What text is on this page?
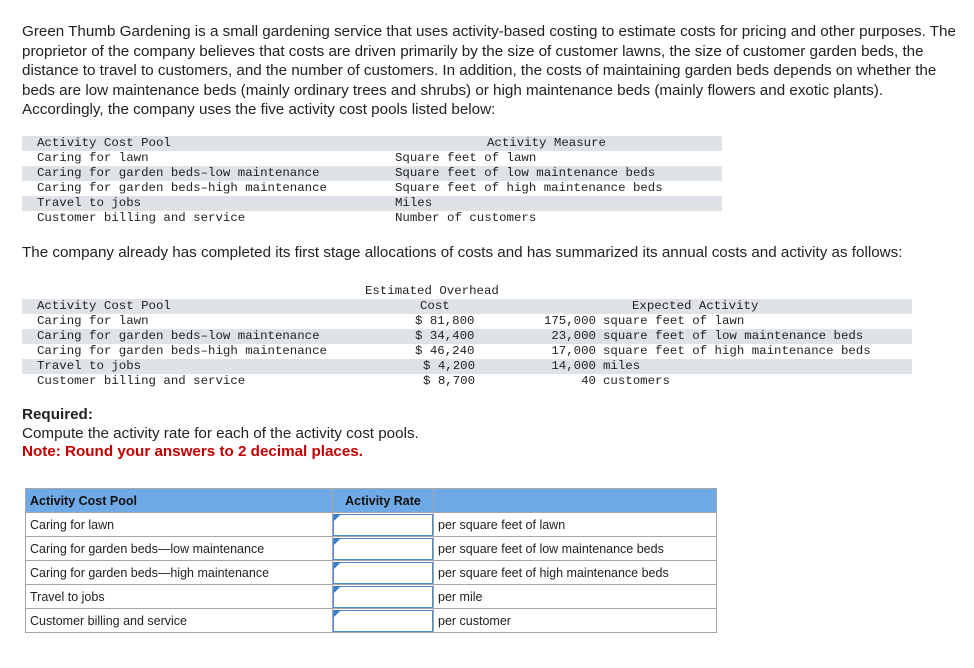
Green Thumb Gardening is a small gardening service that uses activity-based costing to estimate costs for pricing and other purposes. The proprietor of the company believes that costs are driven primarily by the size of customer lawns, the size of customer garden beds, the distance to travel to customers, and the number of customers. In addition, the costs of maintaining garden beds depends on whether the beds are low maintenance beds (mainly ordinary trees and shrubs) or high maintenance beds (mainly flowers and exotic plants). Accordingly, the company uses the five activity cost pools listed below:

Activity Cost Pool	Activity Measure
Caring for lawn	Square feet of lawn
Caring for garden beds–low maintenance	Square feet of low maintenance beds
Caring for garden beds–high maintenance	Square feet of high maintenance beds
Travel to jobs	Miles
Customer billing and service	Number of customers

The company already has completed its first stage allocations of costs and has summarized its annual costs and activity as follows:

Estimated Overhead
Activity Cost Pool	Cost	Expected Activity
Caring for lawn	$ 81,800	175,000 square feet of lawn
Caring for garden beds–low maintenance	$ 34,400	23,000 square feet of low maintenance beds
Caring for garden beds–high maintenance	$ 46,240	17,000 square feet of high maintenance beds
Travel to jobs	$ 4,200	14,000 miles
Customer billing and service	$ 8,700	40 customers
Required:
Compute the activity rate for each of the activity cost pools.
Note: Round your answers to 2 decimal places.
Activity Cost Pool	Activity Rate	
Caring for lawn		per square feet of lawn
Caring for garden beds—low maintenance		per square feet of low maintenance beds
Caring for garden beds—high maintenance		per square feet of high maintenance beds
Travel to jobs		per mile
Customer billing and service		per customer
